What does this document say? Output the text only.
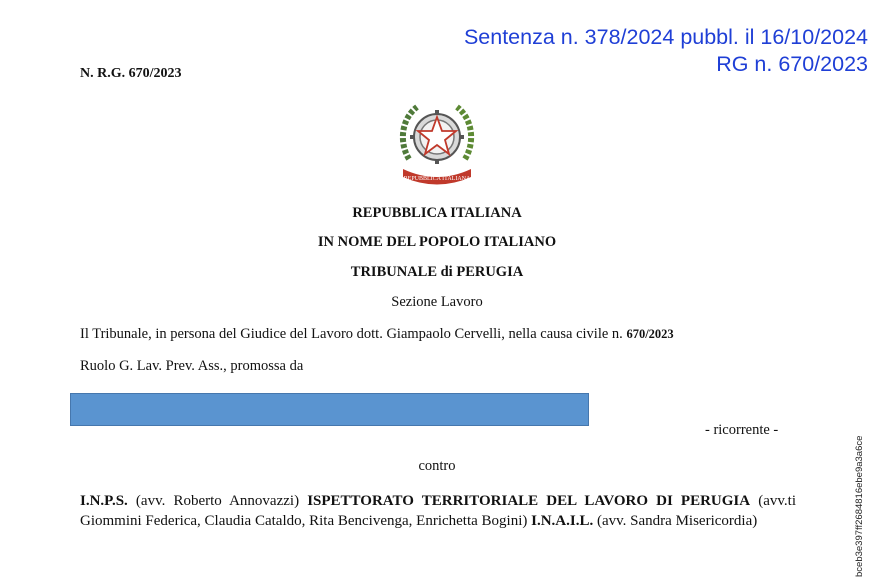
Sentenza n. 378/2024 pubbl. il 16/10/2024
RG n. 670/2023
N. R.G. 670/2023
REPUBBLICA ITALIANA
REPUBBLICA ITALIANA
IN NOME DEL POPOLO ITALIANO
TRIBUNALE di PERUGIA
Sezione Lavoro
Il Tribunale, in persona del Giudice del Lavoro dott. Giampaolo Cervelli, nella causa civile n. 670/2023
Ruolo G. Lav. Prev. Ass., promossa da
- ricorrente -
contro
I.N.P.S. (avv. Roberto Annovazzi) ISPETTORATO TERRITORIALE DEL LAVORO DI PERUGIA (avv.ti Giommini Federica, Claudia Cataldo, Rita Bencivenga, Enrichetta Bogini) I.N.A.I.L. (avv. Sandra Misericordia)	bceb3e397ff2684816ebe9a3a6ce
